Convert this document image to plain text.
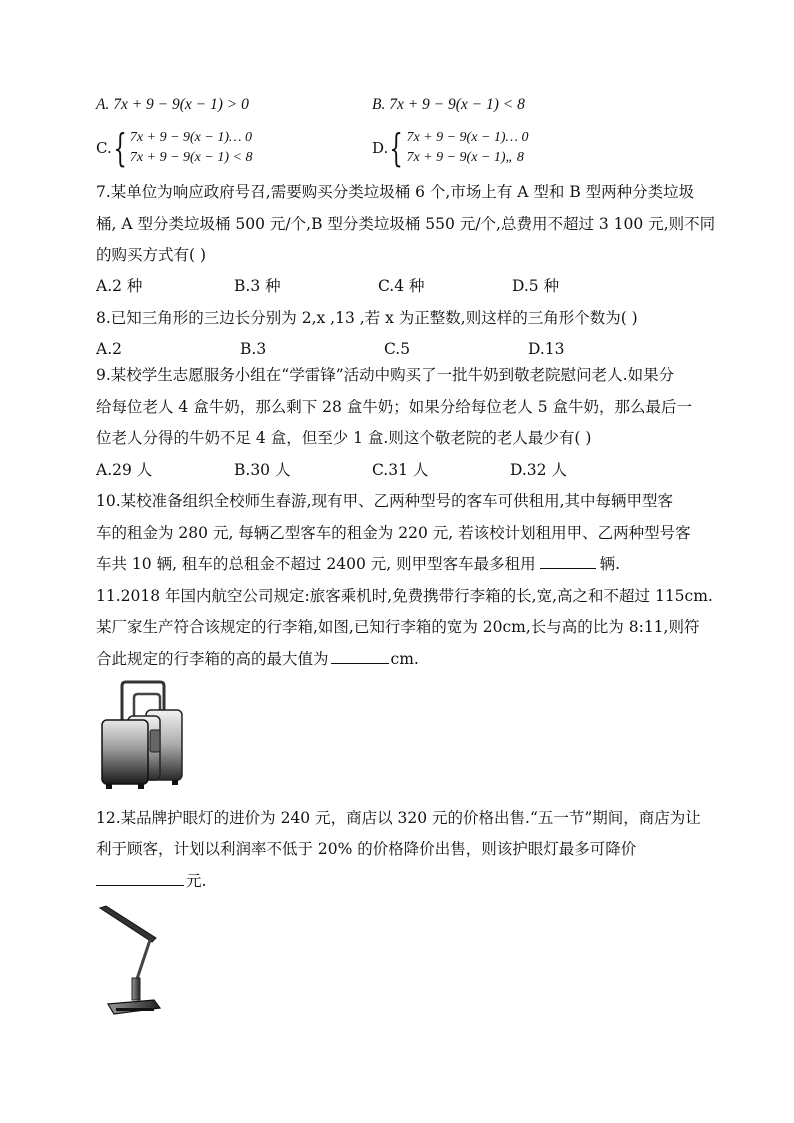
A. 7x + 9 − 9(x − 1) > 0	B. 7x + 9 − 9(x − 1) < 8
C. { 7x + 9 − 9(x − 1)… 0
7x + 9 − 9(x − 1) < 8
D. { 7x + 9 − 9(x − 1)… 0
7x + 9 − 9(x − 1)„ 8
7.某单位为响应政府号召,需要购买分类垃圾桶 6 个,市场上有 A 型和 B 型两种分类垃圾
桶, A 型分类垃圾桶 500 元/个,B 型分类垃圾桶 550 元/个,总费用不超过 3 100 元,则不同
的购买方式有( )
A.2 种	B.3 种	C.4 种	D.5 种
8.已知三角形的三边长分别为 2,x ,13 ,若 x 为正整数,则这样的三角形个数为( )
A.2	B.3	C.5	D.13
9.某校学生志愿服务小组在“学雷锋”活动中购买了一批牛奶到敬老院慰问老人.如果分
给每位老人 4 盒牛奶，那么剩下 28 盒牛奶；如果分给每位老人 5 盒牛奶，那么最后一
位老人分得的牛奶不足 4 盒，但至少 1 盒.则这个敬老院的老人最少有( )
A.29 人	B.30 人	C.31 人	D.32 人
10.某校准备组织全校师生春游,现有甲、乙两种型号的客车可供租用,其中每辆甲型客
车的租金为 280 元, 每辆乙型客车的租金为 220 元, 若该校计划租用甲、乙两种型号客
车共 10 辆, 租车的总租金不超过 2400 元, 则甲型客车最多租用	辆.
11.2018 年国内航空公司规定:旅客乘机时,免费携带行李箱的长,宽,高之和不超过 115cm.
某厂家生产符合该规定的行李箱,如图,已知行李箱的宽为 20cm,长与高的比为 8:11,则符
合此规定的行李箱的高的最大值为	cm.
12.某品牌护眼灯的进价为 240 元，商店以 320 元的价格出售.“五一节”期间，商店为让
利于顾客，计划以利润率不低于 20% 的价格降价出售，则该护眼灯最多可降价
元.
